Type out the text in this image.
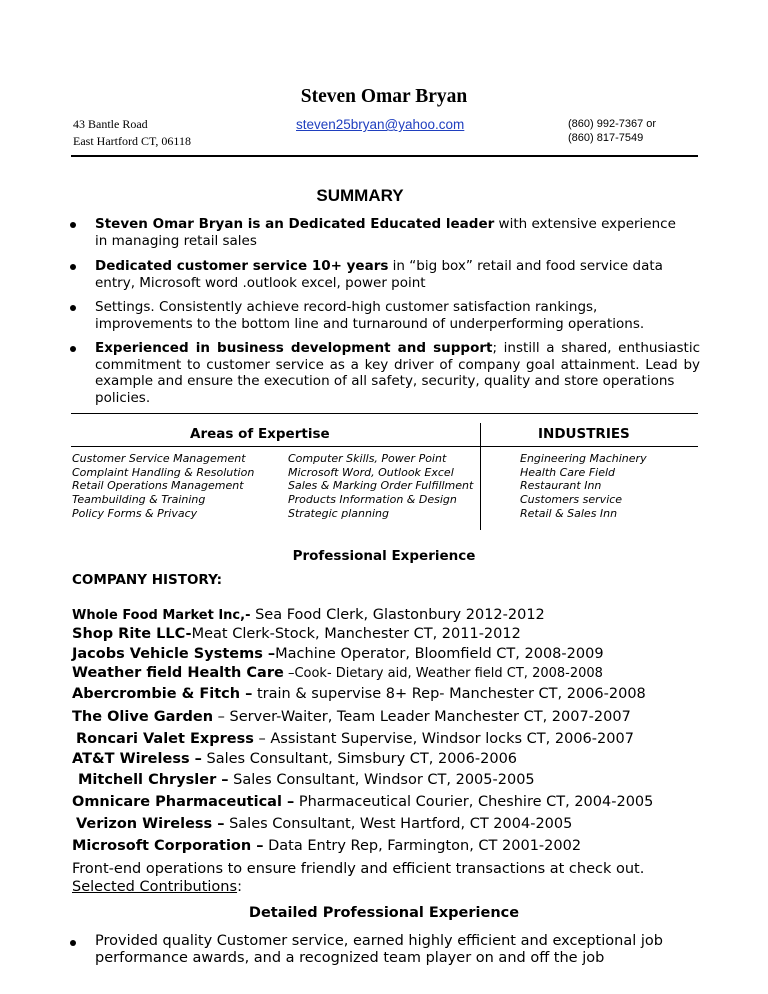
Steven Omar Bryan
43 Bantle Road
East Hartford CT, 06118
steven25bryan@yahoo.com	(860) 992-7367 or
(860) 817-7549
SUMMARY
Steven Omar Bryan is an Dedicated Educated leader with extensive experience
in managing retail sales
Dedicated customer service 10+ years in “big box” retail and food service data
entry, Microsoft word .outlook excel, power point
Settings. Consistently achieve record-high customer satisfaction rankings,
improvements to the bottom line and turnaround of underperforming operations.
Experienced in business development and support; instill a shared, enthusiastic commitment to customer service as a key driver of company goal attainment. Lead by example and ensure the execution of all safety, security, quality and store operations
policies.
Areas of Expertise	INDUSTRIES
Customer Service Management
Complaint Handling & Resolution
Retail Operations Management
Teambuilding & Training
Policy Forms & Privacy
Computer Skills, Power Point
Microsoft Word, Outlook Excel
Sales & Marking Order Fulfillment
Products Information & Design
Strategic planning
Engineering Machinery
Health Care Field
Restaurant Inn
Customers service
Retail & Sales Inn
Professional Experience
COMPANY HISTORY:
Whole Food Market Inc,- Sea Food Clerk, Glastonbury 2012-2012
Shop Rite LLC-Meat Clerk-Stock, Manchester CT, 2011-2012
Jacobs Vehicle Systems –Machine Operator, Bloomfield CT, 2008-2009
Weather field Health Care –Cook- Dietary aid, Weather field CT, 2008-2008
Abercrombie & Fitch – train & supervise 8+ Rep- Manchester CT, 2006-2008
The Olive Garden – Server-Waiter, Team Leader Manchester CT, 2007-2007
Roncari Valet Express – Assistant Supervise, Windsor locks CT, 2006-2007
AT&T Wireless – Sales Consultant, Simsbury CT, 2006-2006
Mitchell Chrysler – Sales Consultant, Windsor CT, 2005-2005
Omnicare Pharmaceutical – Pharmaceutical Courier, Cheshire CT, 2004-2005
Verizon Wireless – Sales Consultant, West Hartford, CT 2004-2005
Microsoft Corporation – Data Entry Rep, Farmington, CT 2001-2002
Front-end operations to ensure friendly and efficient transactions at check out.
Selected Contributions:
Detailed Professional Experience
Provided quality Customer service, earned highly efficient and exceptional job
performance awards, and a recognized team player on and off the job
